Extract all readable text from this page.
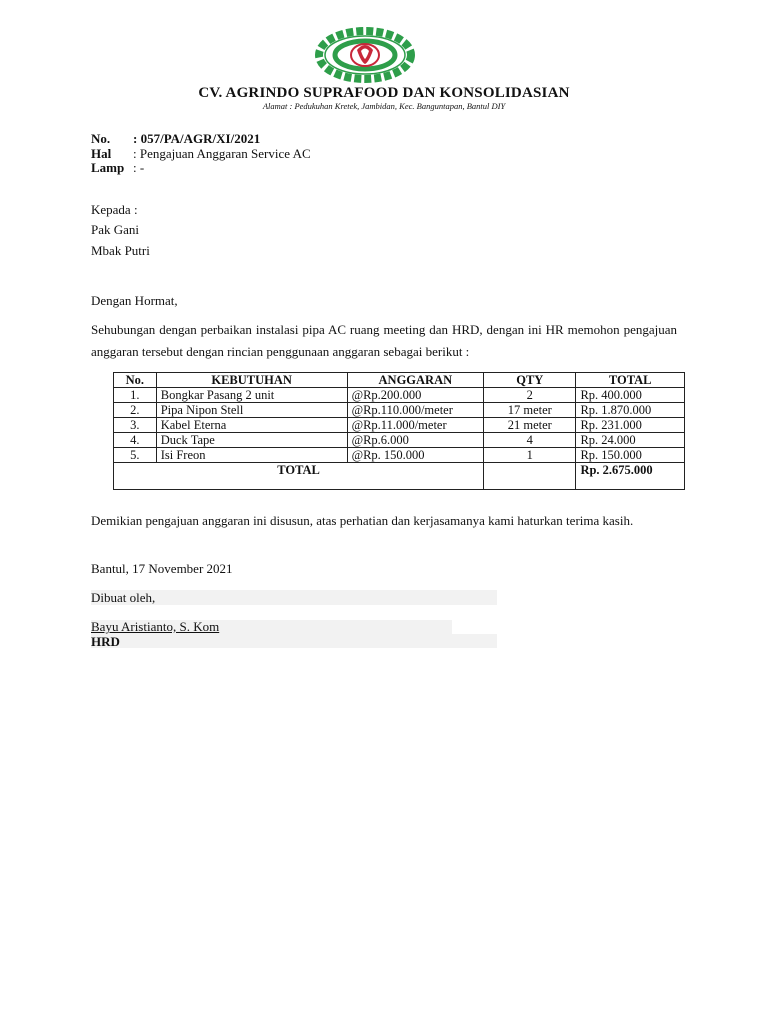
CV. AGRINDO SUPRAFOOD DAN KONSOLIDASIAN
Alamat : Pedukuhan Kretek, Jambidan, Kec. Banguntapan, Bantul DIY
No. : 057/PA/AGR/XI/2021
Hal : Pengajuan Anggaran Service AC
Lamp : -
Kepada :
Pak Gani
Mbak Putri
Dengan Hormat,
Sehubungan dengan perbaikan instalasi pipa AC ruang meeting dan HRD, dengan ini HR memohon pengajuan anggaran tersebut dengan rincian penggunaan anggaran sebagai berikut :
No.	KEBUTUHAN	ANGGARAN	QTY	TOTAL
1.	Bongkar Pasang 2 unit	@Rp.200.000	2	Rp. 400.000
2.	Pipa Nipon Stell	@Rp.110.000/meter	17 meter	Rp. 1.870.000
3.	Kabel Eterna	@Rp.11.000/meter	21 meter	Rp. 231.000
4.	Duck Tape	@Rp.6.000	4	Rp. 24.000
5.	Isi Freon	@Rp. 150.000	1	Rp. 150.000
TOTAL				Rp. 2.675.000
Demikian pengajuan anggaran ini disusun, atas perhatian dan kerjasamanya kami haturkan terima kasih.
Bantul, 17 November 2021
Dibuat oleh,
Bayu Aristianto, S. Kom
HRD
